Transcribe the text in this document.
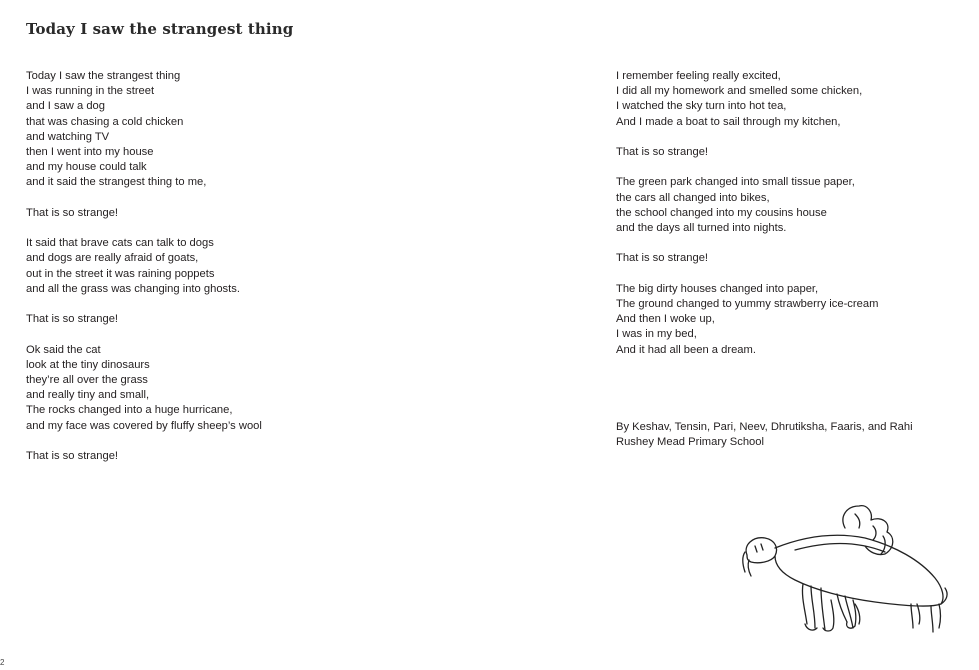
Today I saw the strangest thing
Today I saw the strangest thing
I was running in the street
and I saw a dog
that was chasing a cold chicken
and watching TV
then I went into my house
and my house could talk
and it said the strangest thing to me,
That is so strange!
It said that brave cats can talk to dogs
and dogs are really afraid of goats,
out in the street it was raining poppets
and all the grass was changing into ghosts.
That is so strange!
Ok said the cat
look at the tiny dinosaurs
they’re all over the grass
and really tiny and small,
The rocks changed into a huge hurricane,
and my face was covered by fluffy sheep’s wool
That is so strange!
I remember feeling really excited,
I did all my homework and smelled some chicken,
I watched the sky turn into hot tea,
And I made a boat to sail through my kitchen,
That is so strange!
The green park changed into small tissue paper,
the cars all changed into bikes,
the school changed into my cousins house
and the days all turned into nights.
That is so strange!
The big dirty houses changed into paper,
The ground changed to yummy strawberry ice-cream
And then I woke up,
I was in my bed,
And it had all been a dream.
By Keshav, Tensin, Pari, Neev, Dhrutiksha, Faaris, and Rahi
Rushey Mead Primary School
2
